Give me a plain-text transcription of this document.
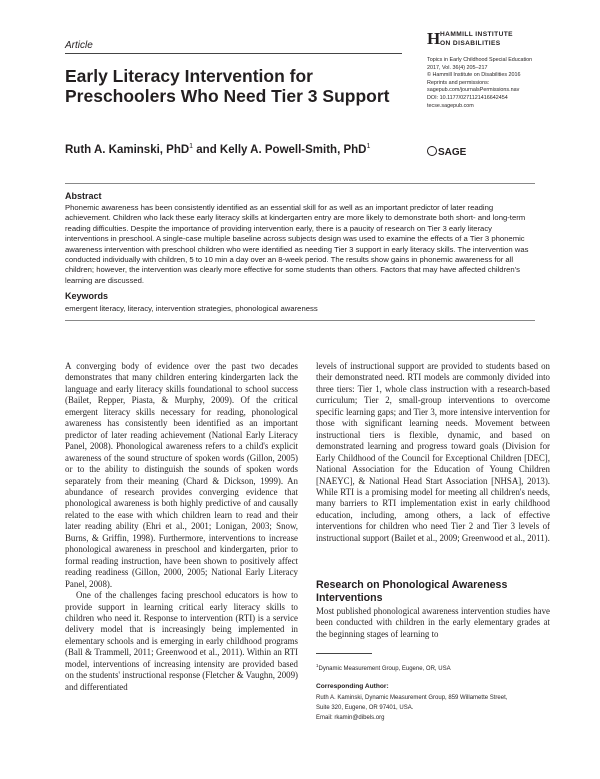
Article	H HAMMILL INSTITUTE
ON DISABILITIES
Topics in Early Childhood Special Education
2017, Vol. 36(4) 205–217
© Hammill Institute on Disabilities 2016
Reprints and permissions:
sagepub.com/journalsPermissions.nav
DOI: 10.1177/0271121416642454
tecse.sagepub.com
SAGE
Early Literacy Intervention for Preschoolers Who Need Tier 3 Support
Ruth A. Kaminski, PhD$^1$ and Kelly A. Powell-Smith, PhD$^1$
Abstract
Phonemic awareness has been consistently identified as an essential skill for as well as an important predictor of later reading achievement. Children who lack these early literacy skills at kindergarten entry are more likely to demonstrate both short- and long-term reading difficulties. Despite the importance of providing intervention early, there is a paucity of research on Tier 3 early literacy interventions in preschool. A single-case multiple baseline across subjects design was used to examine the effects of a Tier 3 phonemic awareness intervention with preschool children who were identified as needing Tier 3 support in early literacy skills. The intervention was conducted individually with children, 5 to 10 min a day over an 8-week period. The results show gains in phonemic awareness for all children; however, the intervention was clearly more effective for some students than others. Factors that may have affected children's learning are discussed.
Keywords
emergent literacy, literacy, intervention strategies, phonological awareness

A converging body of evidence over the past two decades demonstrates that many children entering kindergarten lack the language and early literacy skills foundational to school success (Bailet, Repper, Piasta, & Murphy, 2009). Of the critical emergent literacy skills necessary for reading, phonological awareness has consistently been identified as an important predictor of later reading achievement (National Early Literacy Panel, 2008). Phonological awareness refers to a child's explicit awareness of the sound structure of spoken words (Gillon, 2005) or to the ability to distinguish the sounds of spoken words separately from their meaning (Chard & Dickson, 1999). An abundance of research provides converging evidence that phonological awareness is both highly predictive of and causally related to the ease with which children learn to read and their later reading ability (Ehri et al., 2001; Lonigan, 2003; Snow, Burns, & Griffin, 1998). Furthermore, interventions to increase phonological awareness in preschool and kindergarten, prior to formal reading instruction, have been shown to positively affect reading readiness (Gillon, 2000, 2005; National Early Literacy Panel, 2008).

One of the challenges facing preschool educators is how to provide support in learning critical early literacy skills to children who need it. Response to intervention (RTI) is a service delivery model that is increasingly being implemented in elementary schools and is emerging in early childhood programs (Ball & Trammell, 2011; Greenwood et al., 2011). Within an RTI model, interventions of increasing intensity are provided based on the students' instructional response (Fletcher & Vaughn, 2009) and differentiated

levels of instructional support are provided to students based on their demonstrated need. RTI models are commonly divided into three tiers: Tier 1, whole class instruction with a research-based curriculum; Tier 2, small-group interventions to overcome specific learning gaps; and Tier 3, more intensive intervention for those with significant learning needs. Movement between instructional tiers is flexible, dynamic, and based on demonstrated learning and progress toward goals (Division for Early Childhood of the Council for Exceptional Children [DEC], National Association for the Education of Young Children [NAEYC], & National Head Start Association [NHSA], 2013). While RTI is a promising model for meeting all children's needs, many barriers to RTI implementation exist in early childhood education, including, among others, a lack of effective interventions for children who need Tier 2 and Tier 3 levels of instructional support (Bailet et al., 2009; Greenwood et al., 2011).

Research on Phonological Awareness Interventions

Most published phonological awareness intervention studies have been conducted with children in the early elementary grades at the beginning stages of learning to

$^1$Dynamic Measurement Group, Eugene, OR, USA
Corresponding Author:
Ruth A. Kaminski, Dynamic Measurement Group, 859 Willamette Street,
Suite 320, Eugene, OR 97401, USA.
Email: rkamin@dibels.org
